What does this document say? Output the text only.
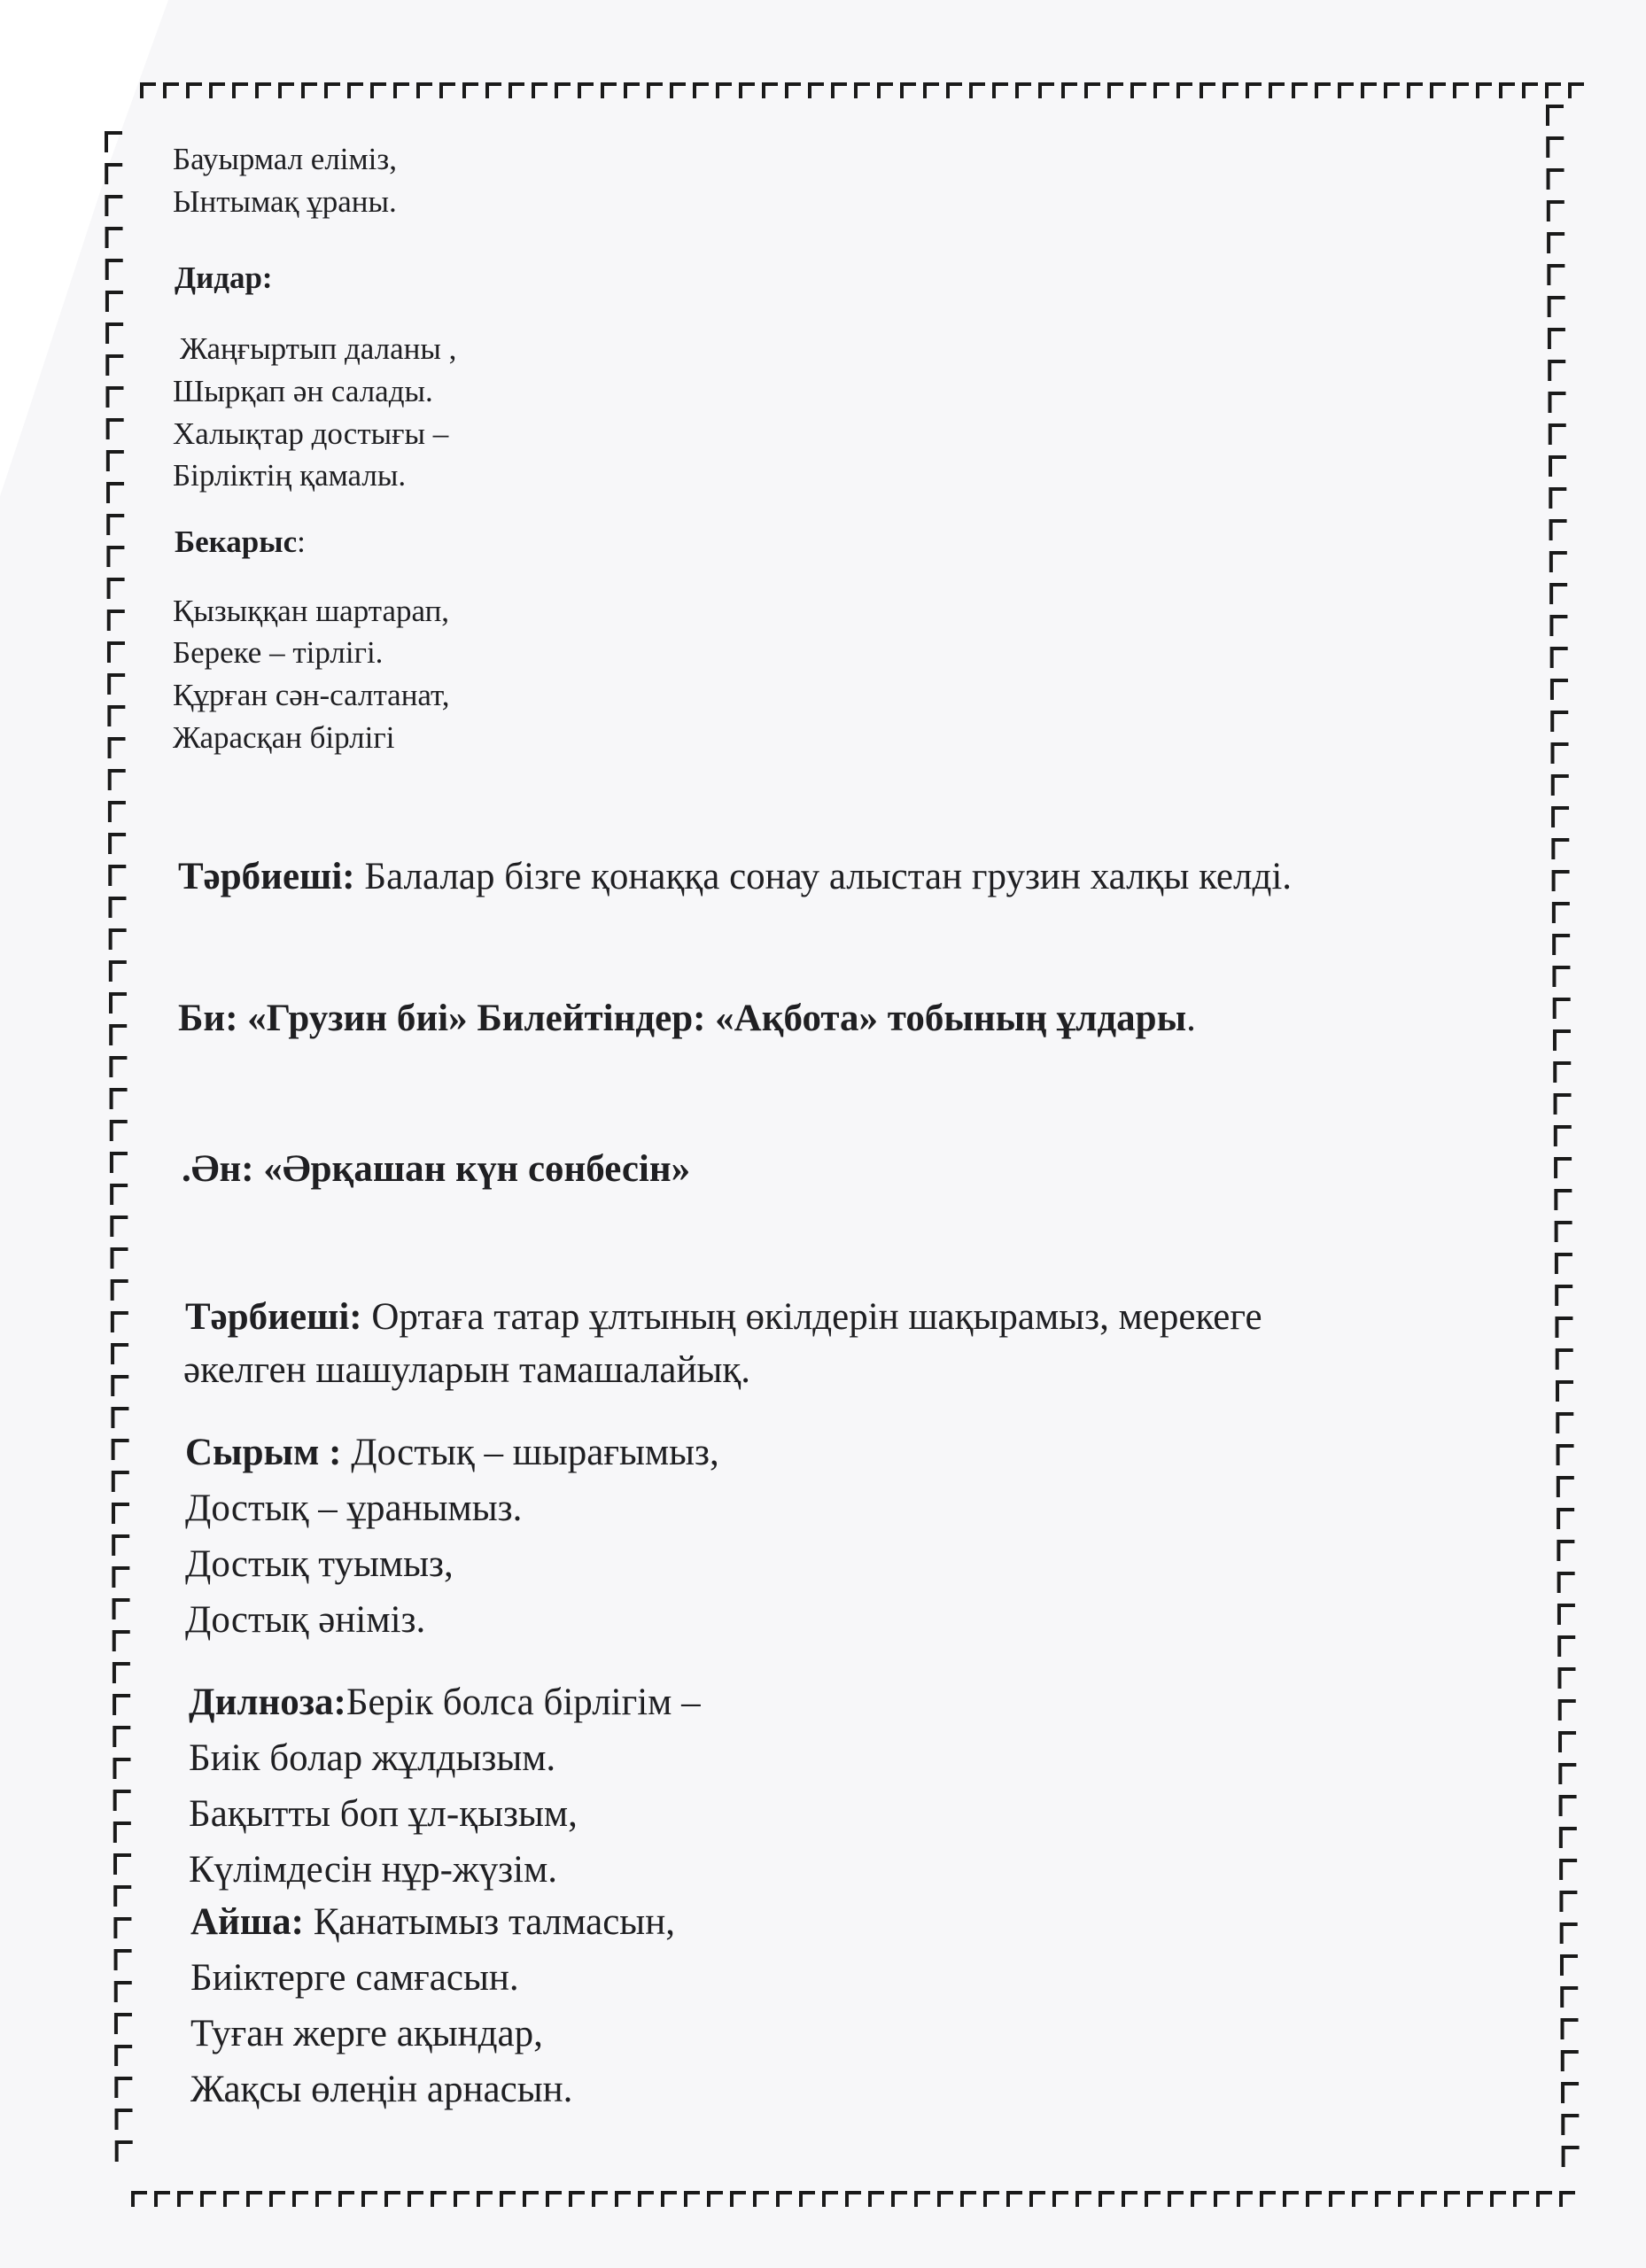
Бауырмал еліміз,
Ынтымақ ұраны.
Дидар:
Жаңғыртып даланы ,
Шырқап ән салады.
Халықтар достығы –
Бірліктің қамалы.
Бекарыс:
Қызыққан шартарап,
Береке – тірлігі.
Құрған сән-салтанат,
Жарасқан бірлігі
Тәрбиеші: Балалар бізге қонаққа сонау алыстан грузин халқы келді.
Би: «Грузин биі» Билейтіндер: «Ақбота» тобының ұлдары.
.Ән: «Әрқашан күн сөнбесін»
Тәрбиеші: Ортаға татар ұлтының өкілдерін шақырамыз, мерекеге
әкелген шашуларын тамашалайық.
Сырым : Достық – шырағымыз,
Достық – ұранымыз.
Достық туымыз,
Достық әніміз.
Дилноза:Берік болса бірлігім –
Биік болар жұлдызым.
Бақытты боп ұл-қызым,
Күлімдесін нұр-жүзім.
Айша: Қанатымыз талмасын,
Биіктерге самғасын.
Туған жерге ақындар,
Жақсы өлеңін арнасын.
